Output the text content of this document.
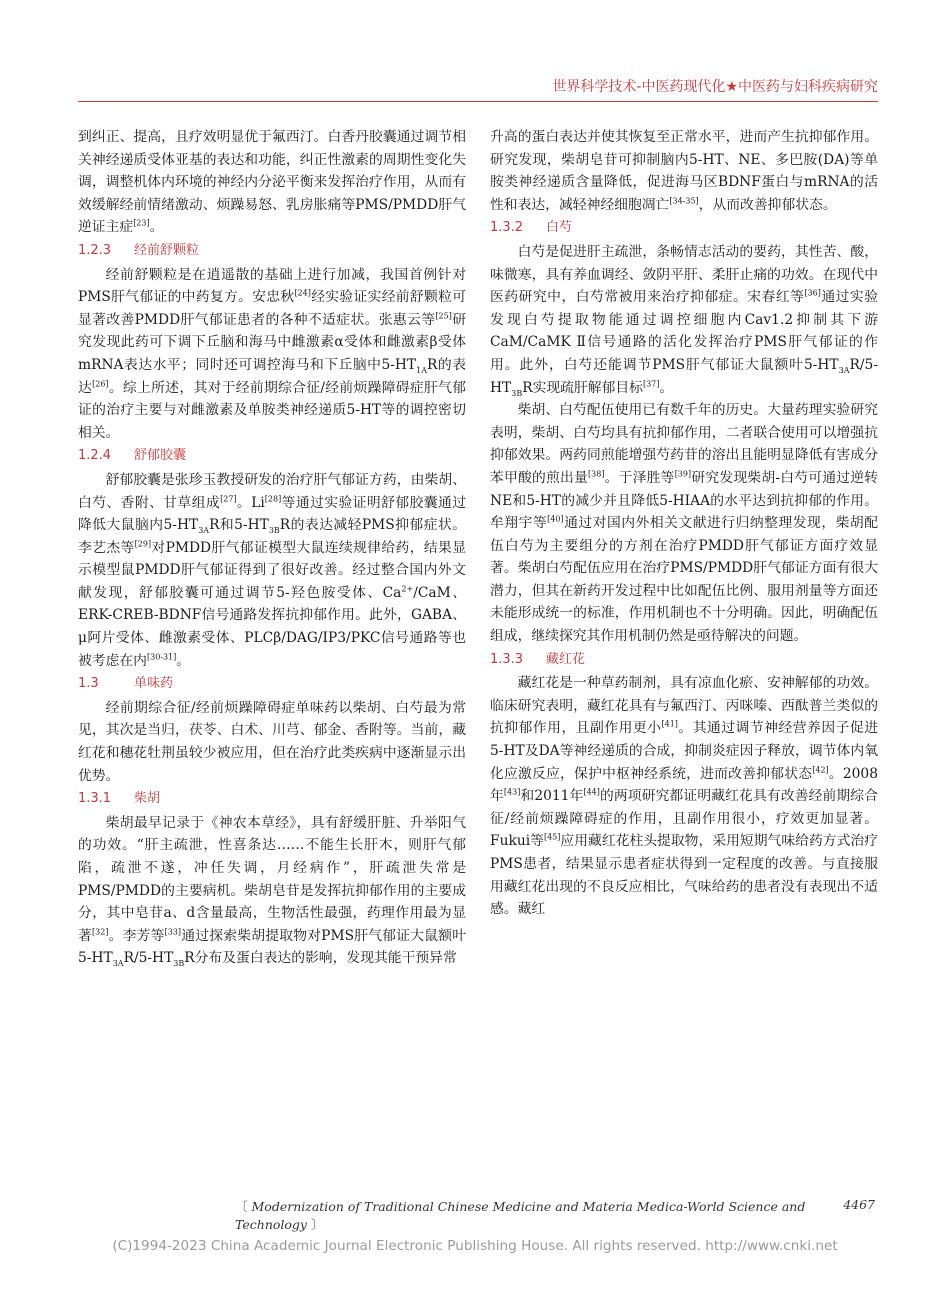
世界科学技术-中医药现代化★中医药与妇科疾病研究

到纠正、提高，且疗效明显优于氟西汀。白香丹胶囊通过调节相关神经递质受体亚基的表达和功能，纠正性激素的周期性变化失调，调整机体内环境的神经内分泌平衡来发挥治疗作用，从而有效缓解经前情绪激动、烦躁易怒、乳房胀痛等PMS/PMDD肝气逆证主症[23]。

1.2.3 经前舒颗粒

经前舒颗粒是在逍遥散的基础上进行加减，我国首例针对PMS肝气郁证的中药复方。安忠秋[24]经实验证实经前舒颗粒可显著改善PMDD肝气郁证患者的各种不适症状。张惠云等[25]研究发现此药可下调下丘脑和海马中雌激素α受体和雌激素β受体mRNA表达水平；同时还可调控海马和下丘脑中$5-HT_{1A}R$的表达[26]。综上所述，其对于经前期综合征/经前烦躁障碍症肝气郁证的治疗主要与对雌激素及单胺类神经递质5-HT等的调控密切相关。

1.2.4 舒郁胶囊

舒郁胶囊是张珍玉教授研发的治疗肝气郁证方药，由柴胡、白芍、香附、甘草组成[27]。Li[28]等通过实验证明舒郁胶囊通过降低大鼠脑内$5-HT_{3A}R$和$5-HT_{3B}R$的表达减轻PMS抑郁症状。李艺杰等[29]对PMDD肝气郁证模型大鼠连续规律给药，结果显示模型鼠PMDD肝气郁证得到了很好改善。经过整合国内外文献发现，舒郁胶囊可通过调节5-羟色胺受体、$Ca^{2+}$/CaM、ERK-CREB-BDNF信号通路发挥抗抑郁作用。此外，GABA、μ阿片受体、雌激素受体、PLCβ/DAG/IP3/PKC信号通路等也被考虑在内[30-31]。

1.3	单味药

经前期综合征/经前烦躁障碍症单味药以柴胡、白芍最为常见，其次是当归，茯苓、白术、川芎、郁金、香附等。当前，藏红花和穗花牡荆虽较少被应用，但在治疗此类疾病中逐渐显示出优势。

1.3.1 柴胡

柴胡最早记录于《神农本草经》，具有舒缓肝脏、升举阳气的功效。“肝主疏泄，性喜条达……不能生长肝木，则肝气郁陷，疏泄不遂，冲任失调，月经病作”，肝疏泄失常是PMS/PMDD的主要病机。柴胡皂苷是发挥抗抑郁作用的主要成分，其中皂苷a、d含量最高，生物活性最强，药理作用最为显著[32]。李芳等[33]通过探索柴胡提取物对PMS肝气郁证大鼠额叶$5-HT_{3A}R/5-HT_{3B}R$分布及蛋白表达的影响，发现其能干预异常

升高的蛋白表达并使其恢复至正常水平，进而产生抗抑郁作用。研究发现，柴胡皂苷可抑制脑内5-HT、NE、多巴胺(DA)等单胺类神经递质含量降低，促进海马区BDNF蛋白与mRNA的活性和表达，减轻神经细胞凋亡[34-35]，从而改善抑郁状态。

1.3.2 白芍

白芍是促进肝主疏泄，条畅情志活动的要药，其性苦、酸，味微寒，具有养血调经、敛阴平肝、柔肝止痛的功效。在现代中医药研究中，白芍常被用来治疗抑郁症。宋春红等[36]通过实验发现白芍提取物能通过调控细胞内Cav1.2抑制其下游CaM/CaMK Ⅱ信号通路的活化发挥治疗PMS肝气郁证的作用。此外，白芍还能调节PMS肝气郁证大鼠额叶$5-HT_{3A}R/5-HT_{3B}R$实现疏肝解郁目标[37]。

柴胡、白芍配伍使用已有数千年的历史。大量药理实验研究表明，柴胡、白芍均具有抗抑郁作用，二者联合使用可以增强抗抑郁效果。两药同煎能增强芍药苷的溶出且能明显降低有害成分苯甲酸的煎出量[38]。于泽胜等[39]研究发现柴胡-白芍可通过逆转NE和5-HT的减少并且降低5-HIAA的水平达到抗抑郁的作用。牟翔宇等[40]通过对国内外相关文献进行归纳整理发现，柴胡配伍白芍为主要组分的方剂在治疗PMDD肝气郁证方面疗效显著。柴胡白芍配伍应用在治疗PMS/PMDD肝气郁证方面有很大潜力，但其在新药开发过程中比如配伍比例、服用剂量等方面还未能形成统一的标准，作用机制也不十分明确。因此，明确配伍组成，继续探究其作用机制仍然是亟待解决的问题。

1.3.3 藏红花

藏红花是一种草药制剂，具有凉血化瘀、安神解郁的功效。临床研究表明，藏红花具有与氟西汀、丙咪嗪、西酞普兰类似的抗抑郁作用，且副作用更小[41]。其通过调节神经营养因子促进5-HT及DA等神经递质的合成，抑制炎症因子释放，调节体内氧化应激反应，保护中枢神经系统，进而改善抑郁状态[42]。2008年[43]和2011年[44]的两项研究都证明藏红花具有改善经前期综合征/经前烦躁障碍症的作用，且副作用很小，疗效更加显著。Fukui等[45]应用藏红花柱头提取物，采用短期气味给药方式治疗PMS患者，结果显示患者症状得到一定程度的改善。与直接服用藏红花出现的不良反应相比，气味给药的患者没有表现出不适感。藏红

〔 Modernization of Traditional Chinese Medicine and Materia Medica-World Science and Technology 〕
4467
(C)1994-2023 China Academic Journal Electronic Publishing House. All rights reserved. http://www.cnki.net
